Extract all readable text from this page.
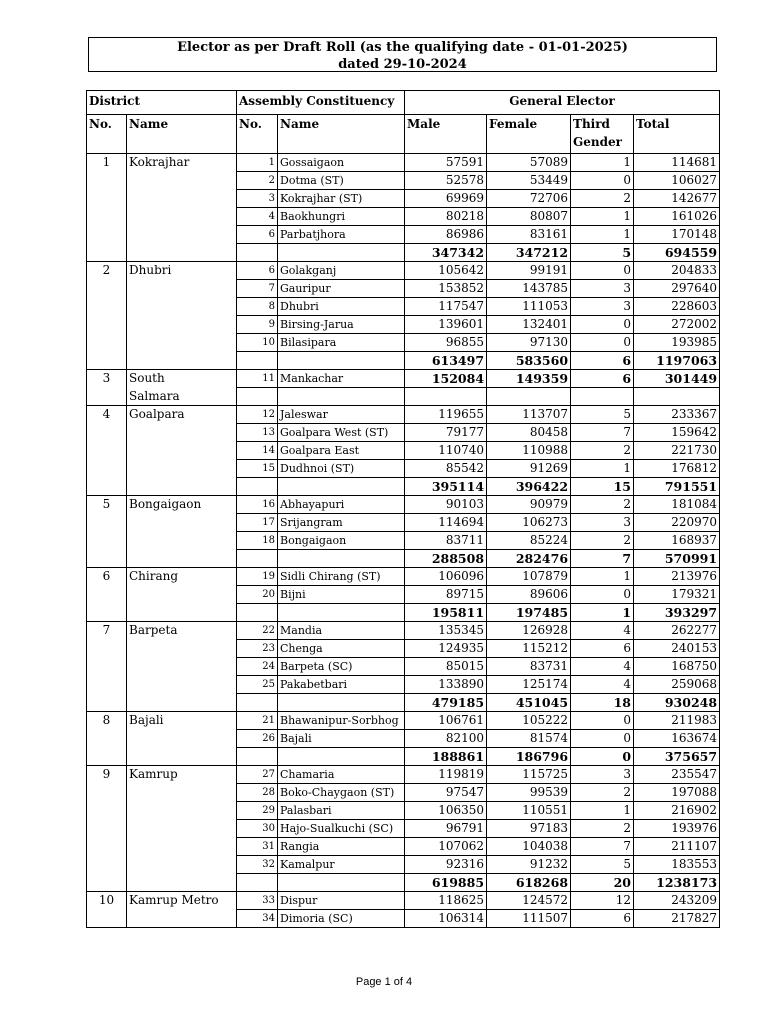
Elector as per Draft Roll (as the qualifying date - 01-01-2025)
dated 29-10-2024
District		Assembly Constituency		General Elector			
No.	Name	No.	Name	Male	Female	Third Gender	Total
1	Kokrajhar	1	Gossaigaon	57591	57089	1	114681
		2	Dotma (ST)	52578	53449	0	106027
		3	Kokrajhar (ST)	69969	72706	2	142677
		4	Baokhungri	80218	80807	1	161026
		6	Parbatjhora	86986	83161	1	170148
				347342	347212	5	694559
2	Dhubri	6	Golakganj	105642	99191	0	204833
		7	Gauripur	153852	143785	3	297640
		8	Dhubri	117547	111053	3	228603
		9	Birsing-Jarua	139601	132401	0	272002
		10	Bilasipara	96855	97130	0	193985
				613497	583560	6	1197063
3	South	11	Mankachar	152084	149359	6	301449
	Salmara						
4	Goalpara	12	Jaleswar	119655	113707	5	233367
		13	Goalpara West (ST)	79177	80458	7	159642
		14	Goalpara East	110740	110988	2	221730
		15	Dudhnoi (ST)	85542	91269	1	176812
				395114	396422	15	791551
5	Bongaigaon	16	Abhayapuri	90103	90979	2	181084
		17	Srijangram	114694	106273	3	220970
		18	Bongaigaon	83711	85224	2	168937
				288508	282476	7	570991
6	Chirang	19	Sidli Chirang (ST)	106096	107879	1	213976
		20	Bijni	89715	89606	0	179321
				195811	197485	1	393297
7	Barpeta	22	Mandia	135345	126928	4	262277
		23	Chenga	124935	115212	6	240153
		24	Barpeta (SC)	85015	83731	4	168750
		25	Pakabetbari	133890	125174	4	259068
				479185	451045	18	930248
8	Bajali	21	Bhawanipur-Sorbhog	106761	105222	0	211983
		26	Bajali	82100	81574	0	163674
				188861	186796	0	375657
9	Kamrup	27	Chamaria	119819	115725	3	235547
		28	Boko-Chaygaon (ST)	97547	99539	2	197088
		29	Palasbari	106350	110551	1	216902
		30	Hajo-Sualkuchi (SC)	96791	97183	2	193976
		31	Rangia	107062	104038	7	211107
		32	Kamalpur	92316	91232	5	183553
				619885	618268	20	1238173
10	Kamrup Metro	33	Dispur	118625	124572	12	243209
		34	Dimoria (SC)	106314	111507	6	217827
Page 1 of 4
